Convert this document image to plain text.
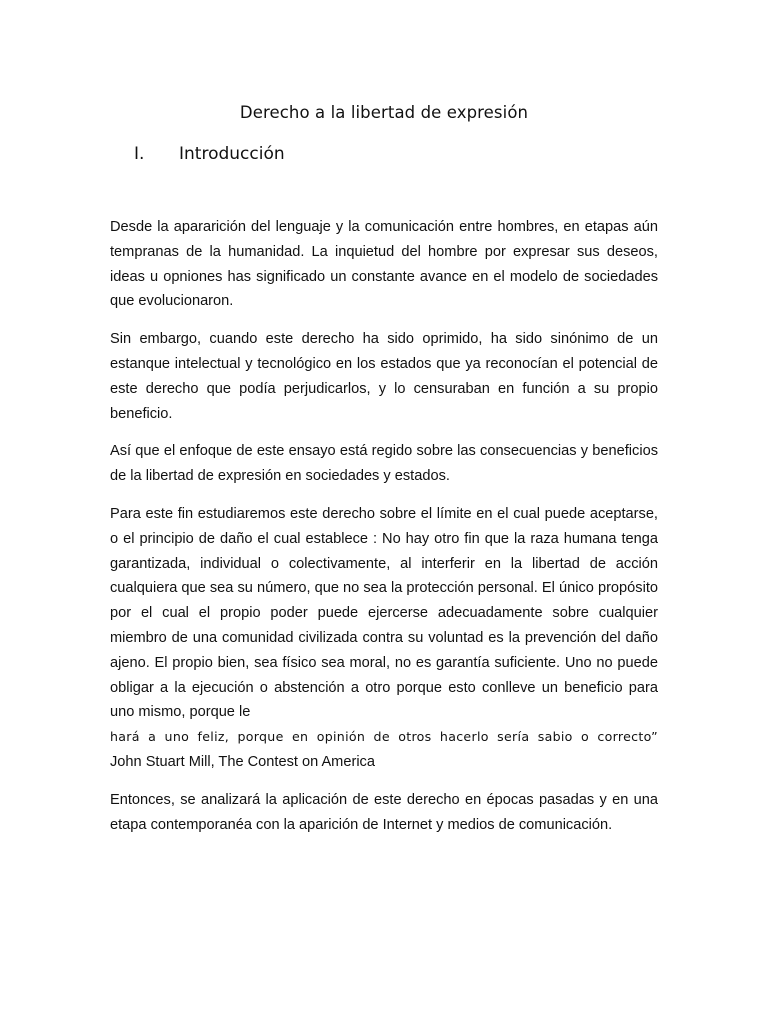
Derecho a la libertad de expresión
I. Introducción

Desde la apararición del lenguaje y la comunicación entre hombres, en etapas aún tempranas de la humanidad. La inquietud del hombre por expresar sus deseos, ideas u opniones has significado un constante avance en el modelo de sociedades que evolucionaron.

Sin embargo, cuando este derecho ha sido oprimido, ha sido sinónimo de un estanque intelectual y tecnológico en los estados que ya reconocían el potencial de este derecho que podía perjudicarlos, y lo censuraban en función a su propio beneficio.

Así que el enfoque de este ensayo está regido sobre las consecuencias y beneficios de la libertad de expresión en sociedades y estados.

Para este fin estudiaremos este derecho sobre el límite en el cual puede aceptarse, o el principio de daño el cual establece : No hay otro fin que la raza humana tenga garantizada, individual o colectivamente, al interferir en la libertad de acción cualquiera que sea su número, que no sea la protección personal. El único propósito por el cual el propio poder puede ejercerse adecuadamente sobre cualquier miembro de una comunidad civilizada contra su voluntad es la prevención del daño ajeno. El propio bien, sea físico sea moral, no es garantía suficiente. Uno no puede obligar a la ejecución o abstención a otro porque esto conlleve un beneficio para uno mismo, porque le
hará a uno feliz, porque en opinión de otros hacerlo sería sabio o correcto”
John Stuart Mill, The Contest on America

Entonces, se analizará la aplicación de este derecho en épocas pasadas y en una etapa contemporanéa con la aparición de Internet y medios de comunicación.
